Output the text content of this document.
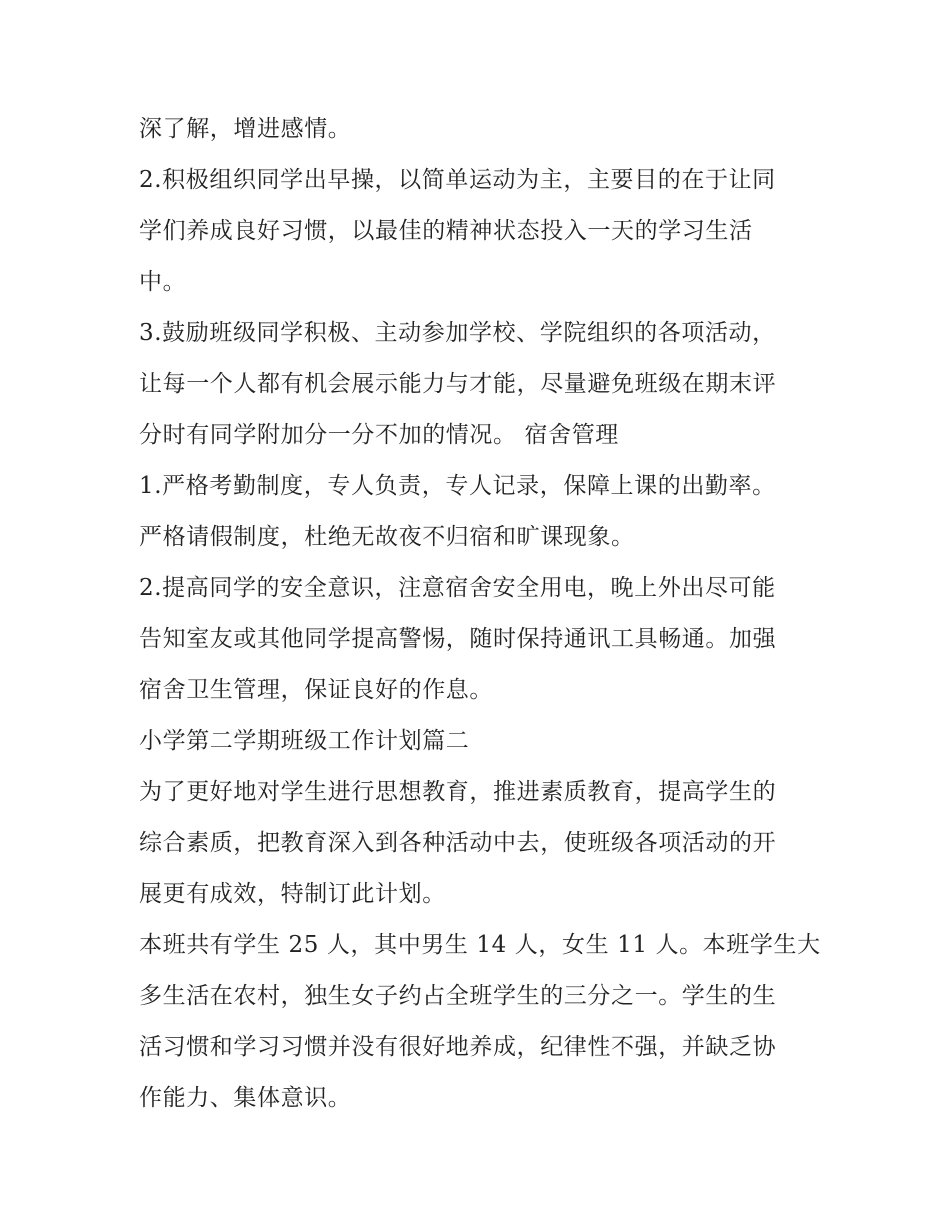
深了解，增进感情。
2.积极组织同学出早操，以简单运动为主，主要目的在于让同
学们养成良好习惯，以最佳的精神状态投入一天的学习生活
中。
3.鼓励班级同学积极、主动参加学校、学院组织的各项活动，
让每一个人都有机会展示能力与才能，尽量避免班级在期末评
分时有同学附加分一分不加的情况。 宿舍管理
1.严格考勤制度，专人负责，专人记录，保障上课的出勤率。
严格请假制度，杜绝无故夜不归宿和旷课现象。
2.提高同学的安全意识，注意宿舍安全用电，晚上外出尽可能
告知室友或其他同学提高警惕，随时保持通讯工具畅通。加强
宿舍卫生管理，保证良好的作息。
小学第二学期班级工作计划篇二
为了更好地对学生进行思想教育，推进素质教育，提高学生的
综合素质，把教育深入到各种活动中去，使班级各项活动的开
展更有成效，特制订此计划。
本班共有学生 25 人，其中男生 14 人，女生 11 人。本班学生大
多生活在农村，独生女子约占全班学生的三分之一。学生的生
活习惯和学习习惯并没有很好地养成，纪律性不强，并缺乏协
作能力、集体意识。
